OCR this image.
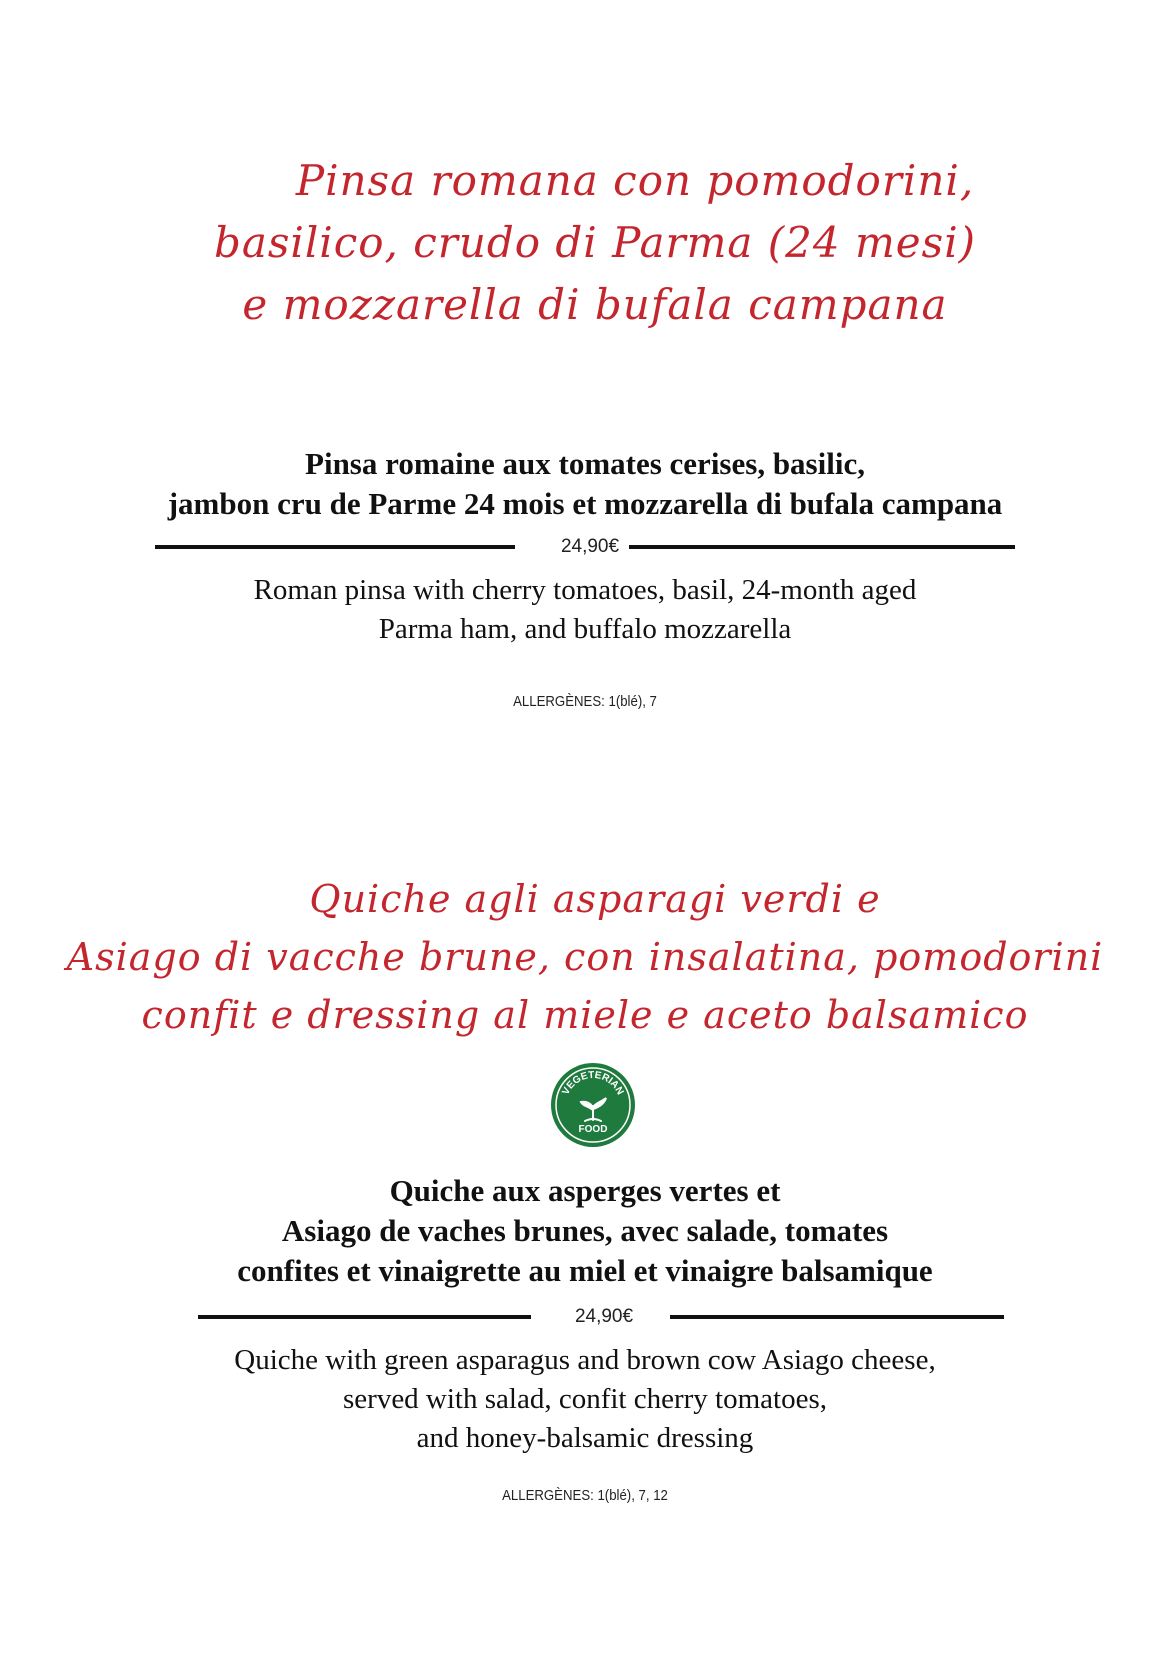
Pinsa romana con pomodorini,
basilico, crudo di Parma (24 mesi)
e mozzarella di bufala campana
Pinsa romaine aux tomates cerises, basilic,
jambon cru de Parme 24 mois et mozzarella di bufala campana
24,90€
Roman pinsa with cherry tomatoes, basil, 24-month aged
Parma ham, and buffalo mozzarella
ALLERGÈNES: 1(blé), 7
Quiche agli asparagi verdi e
Asiago di vacche brune, con insalatina, pomodorini
confit e dressing al miele e aceto balsamico
VEGETERIAN
FOOD
Quiche aux asperges vertes et
Asiago de vaches brunes, avec salade, tomates
confites et vinaigrette au miel et vinaigre balsamique
24,90€
Quiche with green asparagus and brown cow Asiago cheese,
served with salad, confit cherry tomatoes,
and honey-balsamic dressing
ALLERGÈNES: 1(blé), 7, 12
